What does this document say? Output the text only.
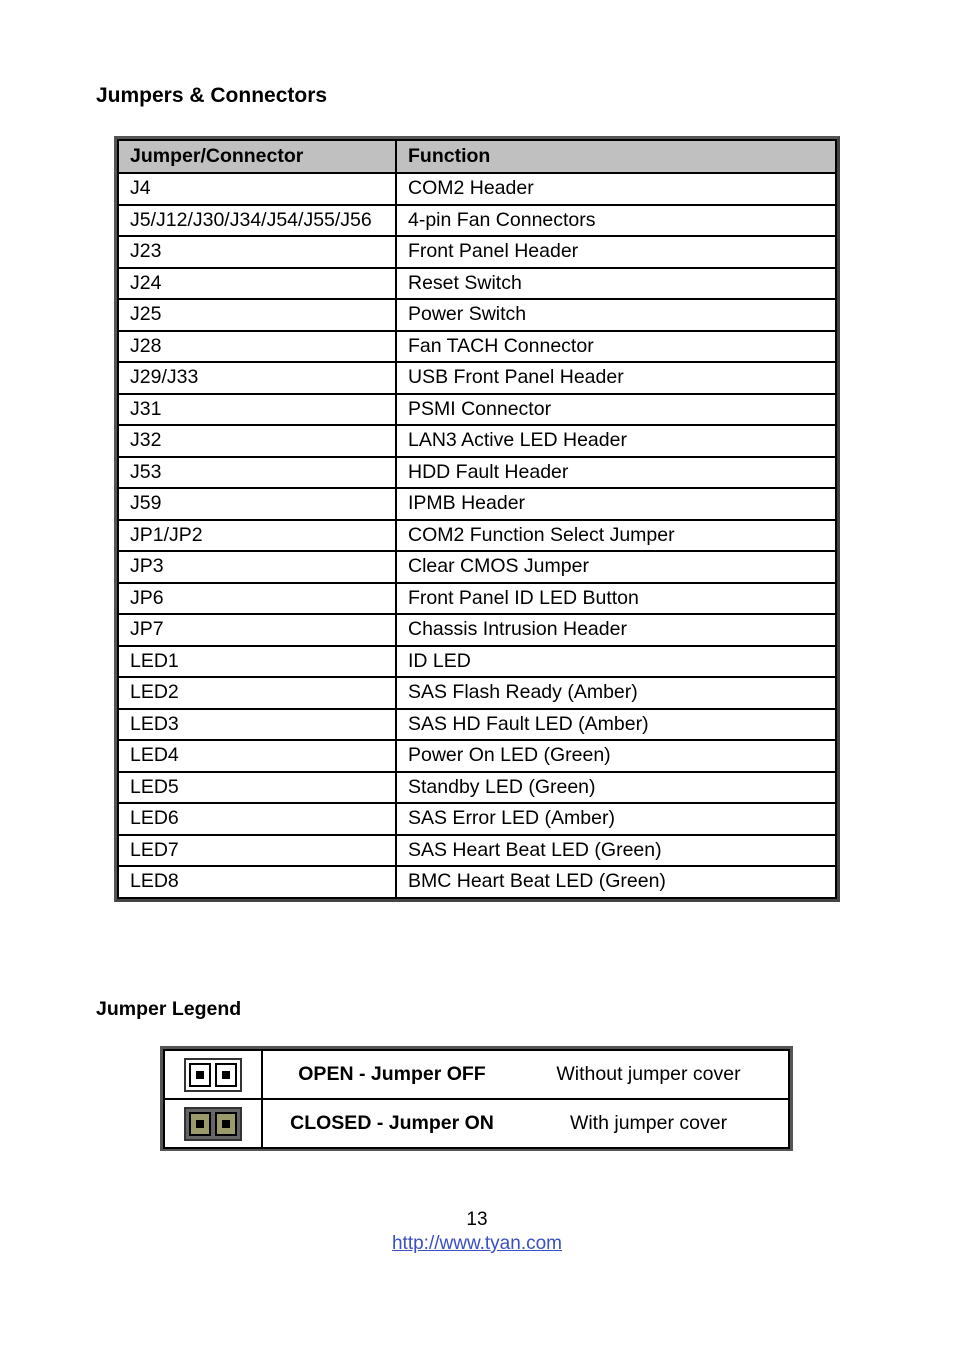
Jumpers & Connectors
Jumper/Connector	Function
J4	COM2 Header
J5/J12/J30/J34/J54/J55/J56	4-pin Fan Connectors
J23	Front Panel Header
J24	Reset Switch
J25	Power Switch
J28	Fan TACH Connector
J29/J33	USB Front Panel Header
J31	PSMI Connector
J32	LAN3 Active LED Header
J53	HDD Fault Header
J59	IPMB Header
JP1/JP2	COM2 Function Select Jumper
JP3	Clear CMOS Jumper
JP6	Front Panel ID LED Button
JP7	Chassis Intrusion Header
LED1	ID LED
LED2	SAS Flash Ready (Amber)
LED3	SAS HD Fault LED (Amber)
LED4	Power On LED (Green)
LED5	Standby LED (Green)
LED6	SAS Error LED (Amber)
LED7	SAS Heart Beat LED (Green)
LED8	BMC Heart Beat LED (Green)
Jumper Legend
	OPEN - Jumper OFF	Without jumper cover

	CLOSED - Jumper ON	With jumper cover
13
http://www.tyan.com
